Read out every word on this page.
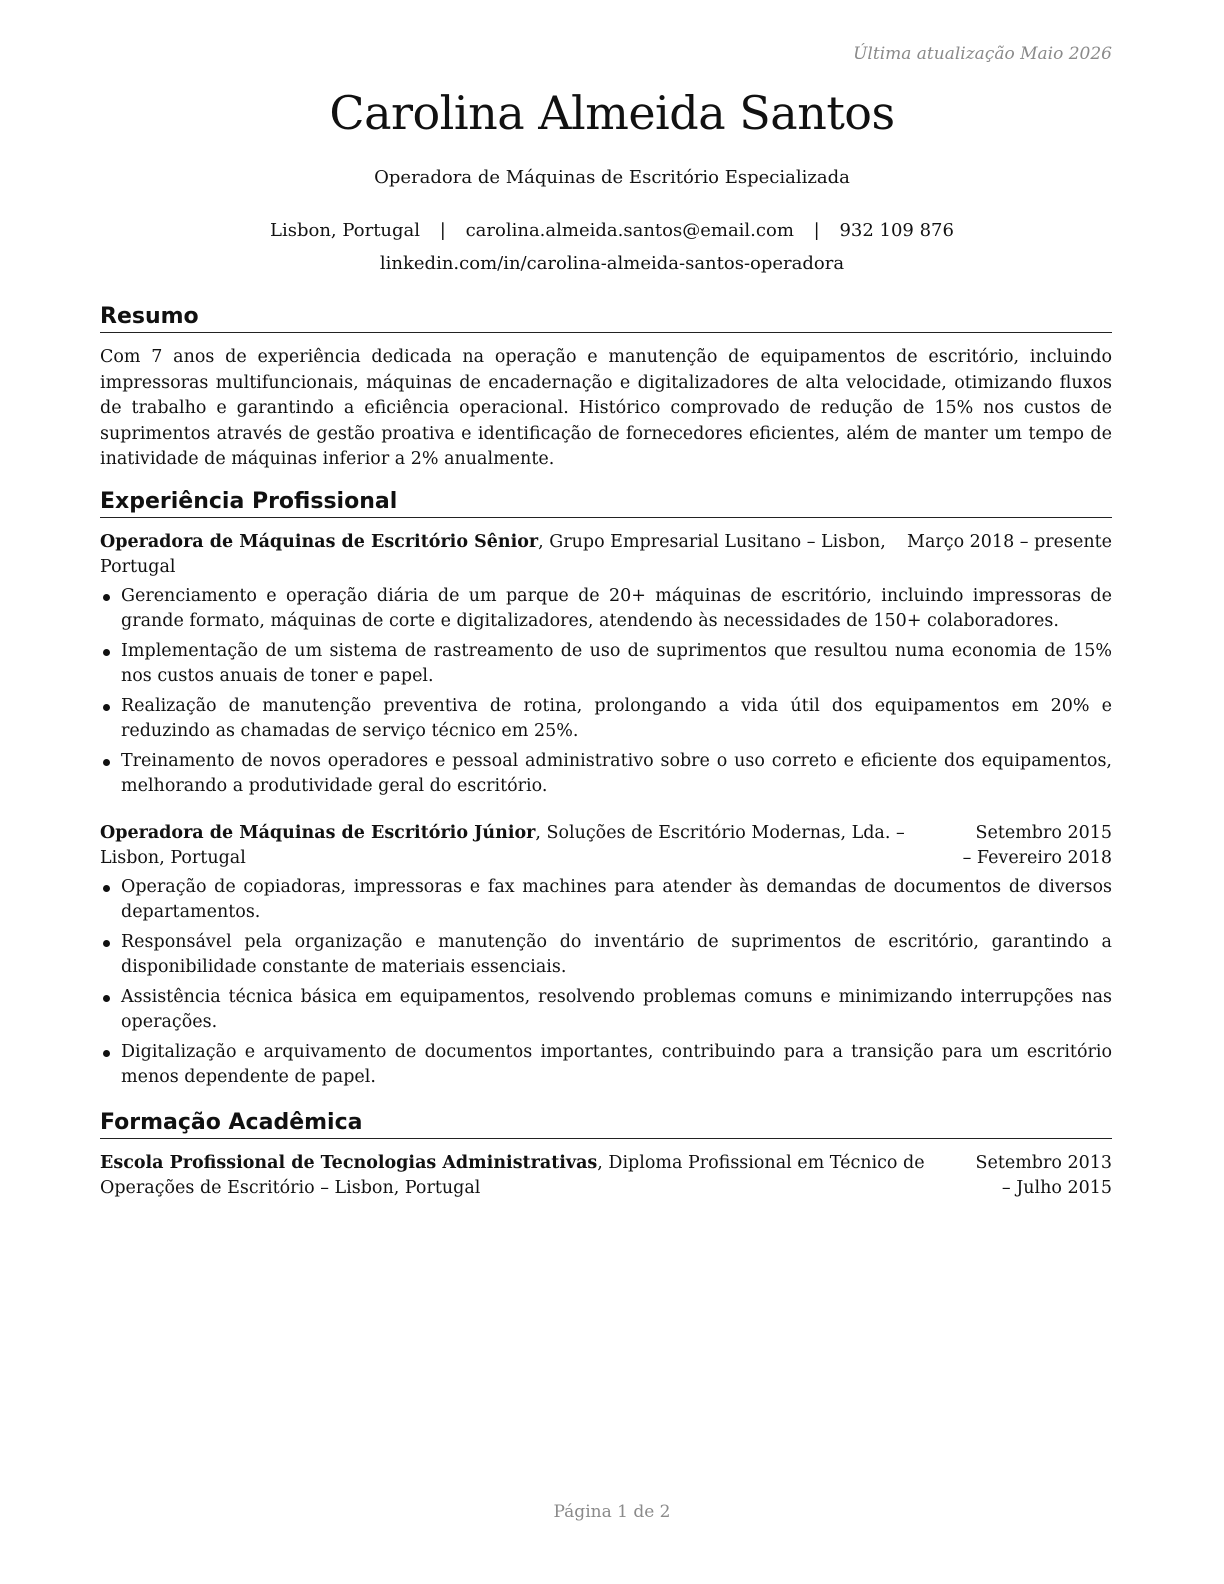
Última atualização Maio 2026
Carolina Almeida Santos
Operadora de Máquinas de Escritório Especializada
Lisbon, Portugal | carolina.almeida.santos@email.com | 932 109 876
linkedin.com/in/carolina-almeida-santos-operadora
Resumo
Com 7 anos de experiência dedicada na operação e manutenção de equipamentos de escritório, incluindo impressoras multifuncionais, máquinas de encadernação e digitalizadores de alta velocidade, otimizando fluxos de trabalho e garantindo a eficiência operacional. Histórico comprovado de redução de 15% nos custos de suprimentos através de gestão proativa e identificação de fornecedores eficientes, além de manter um tempo de inatividade de máquinas inferior a 2% anualmente.
Experiência Profissional
Março 2018 – presente
Operadora de Máquinas de Escritório Sênior, Grupo Empresarial Lusitano – Lisbon, Portugal
Gerenciamento e operação diária de um parque de 20+ máquinas de escritório, incluindo impressoras de grande formato, máquinas de corte e digitalizadores, atendendo às necessidades de 150+ colaboradores.
Implementação de um sistema de rastreamento de uso de suprimentos que resultou numa economia de 15% nos custos anuais de toner e papel.
Realização de manutenção preventiva de rotina, prolongando a vida útil dos equipamentos em 20% e reduzindo as chamadas de serviço técnico em 25%.
Treinamento de novos operadores e pessoal administrativo sobre o uso correto e eficiente dos equipamentos, melhorando a produtividade geral do escritório.
Setembro 2015 – Fevereiro 2018
Operadora de Máquinas de Escritório Júnior, Soluções de Escritório Modernas, Lda. – Lisbon, Portugal
Operação de copiadoras, impressoras e fax machines para atender às demandas de documentos de diversos departamentos.
Responsável pela organização e manutenção do inventário de suprimentos de escritório, garantindo a disponibilidade constante de materiais essenciais.
Assistência técnica básica em equipamentos, resolvendo problemas comuns e minimizando interrupções nas operações.
Digitalização e arquivamento de documentos importantes, contribuindo para a transição para um escritório menos dependente de papel.
Formação Acadêmica
Setembro 2013 – Julho 2015
Escola Profissional de Tecnologias Administrativas, Diploma Profissional em Técnico de Operações de Escritório – Lisbon, Portugal
Página 1 de 2
